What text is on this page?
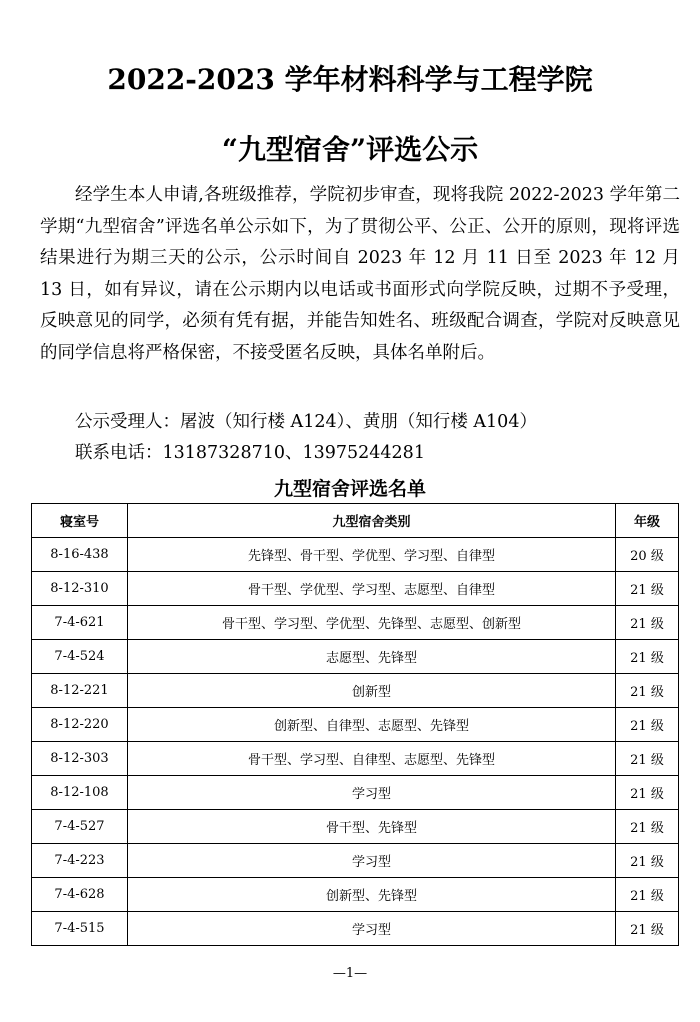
2022-2023 学年材料科学与工程学院
“九型宿舍”评选公示
经学生本人申请,各班级推荐，学院初步审查，现将我院 2022-2023 学年第二学期“九型宿舍”评选名单公示如下，为了贯彻公平、公正、公开的原则，现将评选结果进行为期三天的公示，公示时间自 2023 年 12 月 11 日至 2023 年 12 月 13 日，如有异议，请在公示期内以电话或书面形式向学院反映，过期不予受理，反映意见的同学，必须有凭有据，并能告知姓名、班级配合调查，学院对反映意见的同学信息将严格保密，不接受匿名反映，具体名单附后。
公示受理人：屠波（知行楼 A124）、黄朋（知行楼 A104）
联系电话：13187328710、13975244281
九型宿舍评选名单
寝室号	九型宿舍类别	年级
8-16-438	先锋型、骨干型、学优型、学习型、自律型	20 级
8-12-310	骨干型、学优型、学习型、志愿型、自律型	21 级
7-4-621	骨干型、学习型、学优型、先锋型、志愿型、创新型	21 级
7-4-524	志愿型、先锋型	21 级
8-12-221	创新型	21 级
8-12-220	创新型、自律型、志愿型、先锋型	21 级
8-12-303	骨干型、学习型、自律型、志愿型、先锋型	21 级
8-12-108	学习型	21 级
7-4-527	骨干型、先锋型	21 级
7-4-223	学习型	21 级
7-4-628	创新型、先锋型	21 级
7-4-515	学习型	21 级
—1—
